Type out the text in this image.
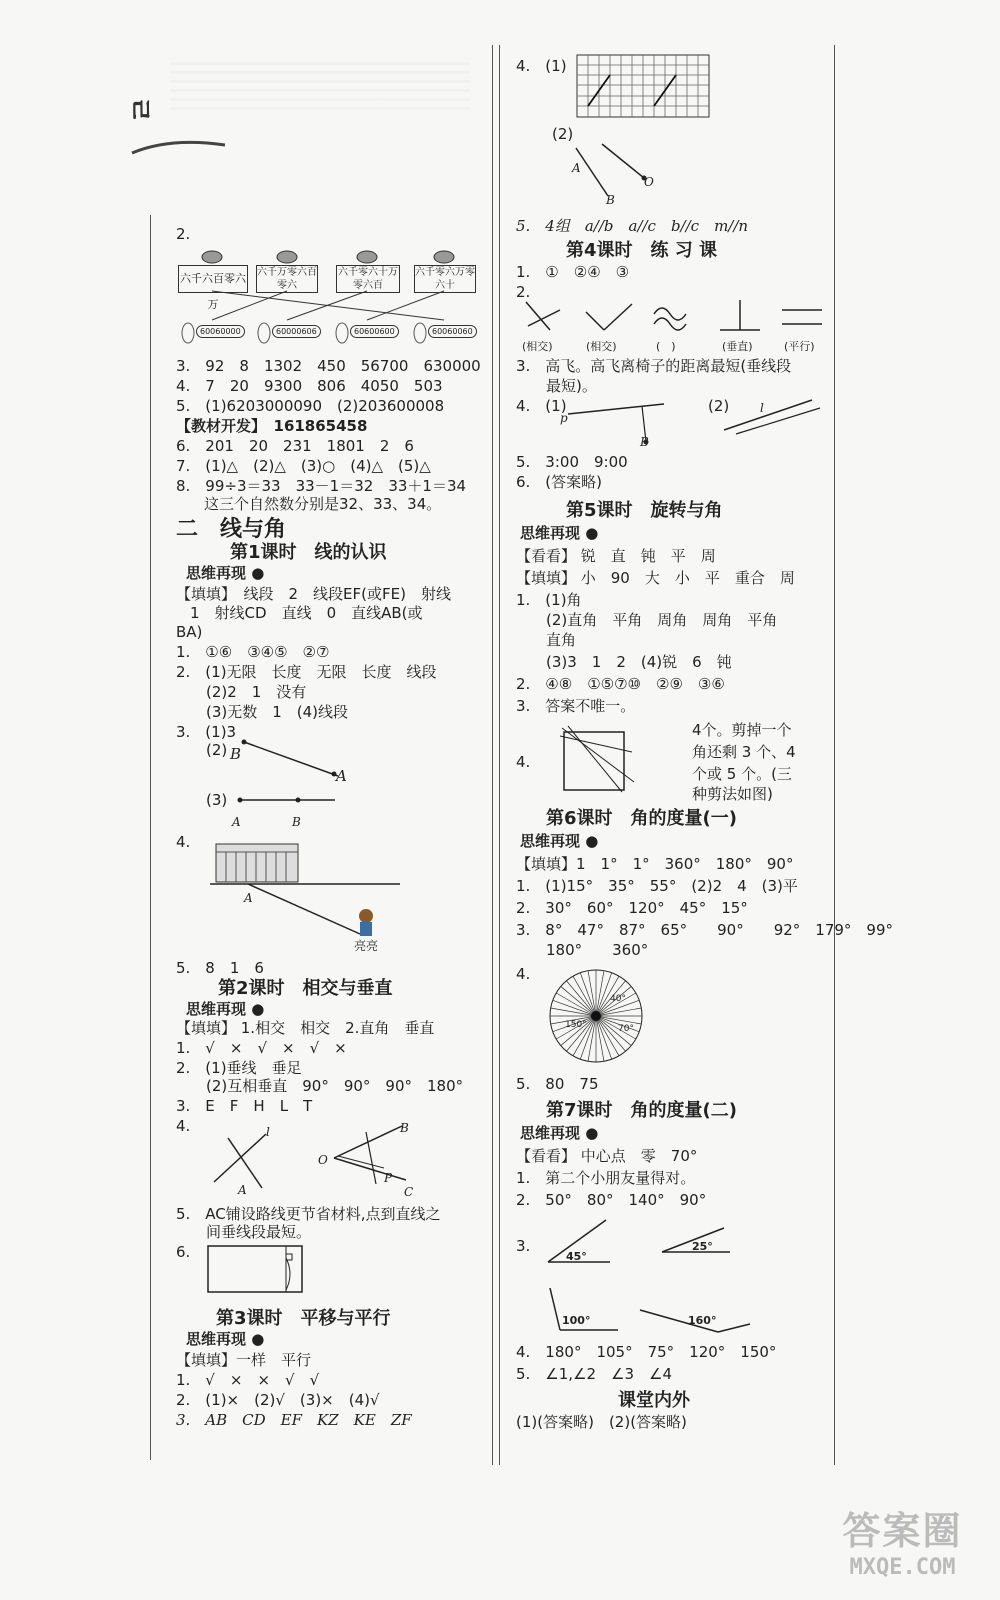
ㄹ
2.
六千六百零六万
六千万零六百零六
六千零六十万零六百
六千零六万零六十
60060000	60000606	60600600	60060060
3.　92　8　1302　450　56700　630000
4.　7　20　9300　806　4050　503
5.　(1)6203000090　(2)203600008
【教材开发】　161865458
6.　201　20　231　1801　2　6
7.　(1)△　(2)△　(3)○　(4)△　(5)△
8.　99÷3＝33　33－1＝32　33＋1＝34
这三个自然数分别是32、33、34。
二　线与角
第1课时　线的认识
思维再现 ●
【填填】　线段　2　线段EF(或FE)　射线
1　射线CD　直线　0　直线AB(或
BA)
1.　①⑥　③④⑤　②⑦
2.　(1)无限　长度　无限　长度　线段
(2)2　1　没有
(3)无数　1　(4)线段
3.　(1)3
(2) B
A
(3)
A	B
4.
A
亮亮
5.　8　1　6
第2课时　相交与垂直
思维再现 ●
【填填】 1.相交　相交　2.直角　垂直
1.　√　×　√　×　√　×
2.　(1)垂线　垂足
(2)互相垂直　90°　90°　90°　180°
3.　E　F　H　L　T
4.	l
A
O
B
P
C
5.　AC铺设路线更节省材料,点到直线之
间垂线段最短。
6.
第3课时　平移与平行
思维再现 ●
【填填】一样　平行
1.　√　×　×　√　√
2.　(1)×　(2)√　(3)×　(4)√
3.　AB　CD　EF　KZ　KE　ZF
4.　(1)
(2)
A
B
O
5.　4组　a//b　a//c　b//c　m//n
第4课时　练 习 课
1.　①　②④　③
2.
(相交)	(相交)	(　)	(垂直)	(平行)
3.　高飞。高飞离椅子的距离最短(垂线段
最短)。
4.　(1)
p
B
(2)	l
5.　3:00　9:00
6.　(答案略)
第5课时　旋转与角
思维再现 ●
【看看】 锐　直　钝　平　周
【填填】 小　90　大　小　平　重合　周
1.　(1)角
(2)直角　平角　周角　周角　平角
直角
(3)3　1　2　(4)锐　6　钝
2.　④⑧　①⑤⑦⑩　②⑨　③⑥
3.　答案不唯一。
4.
4个。剪掉一个
角还剩 3 个、4
个或 5 个。(三
种剪法如图)
第6课时　角的度量(一)
思维再现 ●
【填填】1　1°　1°　360°　180°　90°
1.　(1)15°　35°　55°　(2)2　4　(3)平
2.　30°　60°　120°　45°　15°
3.　8°　47°　87°　65°　　90°　　92°　179°　99°
180°　　360°
4.
40°
70°
150°
5.　80　75
第7课时　角的度量(二)
思维再现 ●
【看看】 中心点　零　70°
1.　第二个小朋友量得对。
2.　50°　80°　140°　90°
3.
45°
25°
100°	160°
4.　180°　105°　75°　120°　150°
5.　∠1,∠2　∠3　∠4
课堂内外
(1)(答案略)　(2)(答案略)
答案圈
MXQE.COM
